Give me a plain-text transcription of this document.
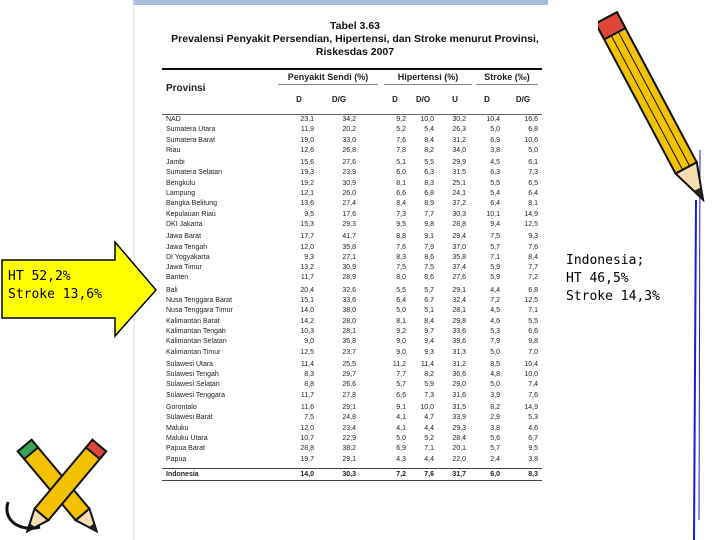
Tabel 3.63
Prevalensi Penyakit Persendian, Hipertensi, dan Stroke menurut Provinsi,
Riskesdas 2007
Provinsi
Penyakit Sendi (%)	Hipertensi (%)	Stroke (‰)
D	D/G	D	D/O	U	D	D/G
NAD	23,1	34,2	9,2	10,0	30,2	10,4	16,6
Sumatera Utara	11,9	20,2	5,2	5,4	26,3	5,0	6,8
Sumatera Barat	19,0	33,0	7,6	8,4	31,2	6,9	10,6
Riau	12,6	26,8	7,8	8,2	34,0	3,8	5,0
Jambi	15,6	27,6	5,1	5,5	29,9	4,5	6,1
Sumatera Selatan	19,3	23,9	6,0	6,3	31,5	6,3	7,3
Bengkulu	19,2	30,9	8,1	8,3	25,1	5,5	6,5
Lampung	12,1	26,0	6,6	6,8	24,1	5,4	6,4
Bangka Belitung	13,6	27,4	8,4	8,9	37,2	6,4	8,1
Kepulauan Riau	9,5	17,6	7,3	7,7	30,3	10,1	14,9
DKI Jakarta	15,3	29,3	9,5	9,8	28,8	9,4	12,5
Jawa Barat	17,7	41,7	8,8	9,1	29,4	7,5	9,3
Jawa Tengah	12,0	35,8	7,6	7,9	37,0	5,7	7,6
DI Yogyakarta	9,3	27,1	8,3	8,6	35,8	7,1	8,4
Jawa Timur	13,2	30,9	7,5	7,5	37,4	5,9	7,7
Banten	11,7	28,9	8,0	8,6	27,6	5,9	7,2
Bali	20,4	32,6	5,5	5,7	29,1	4,4	6,8
Nusa Tenggara Barat	15,1	33,6	6,4	6,7	32,4	7,2	12,5
Nusa Tenggara Timur	14,0	38,0	5,0	5,1	28,1	4,5	7,1
Kalimantan Barat	14,2	28,0	8,1	8,4	29,8	4,6	5,5
Kalimantan Tengah	10,3	28,1	9,2	9,7	33,6	5,3	6,6
Kalimantan Selatan	9,0	35,8	9,0	9,4	39,6	7,9	9,8
Kalimantan Timur	12,5	23,7	9,0	9,3	31,3	5,0	7,0
Sulawesi Utara	11,4	25,5	11,2	11,4	31,2	8,5	10,4
Sulawesi Tengah	8,3	29,7	7,7	8,2	36,6	4,8	10,0
Sulawesi Selatan	8,8	26,6	5,7	5,9	29,0	5,0	7,4
Sulawesi Tenggara	11,7	27,8	6,6	7,3	31,6	3,9	7,6
Gorontalo	11,6	29,1	9,1	10,0	31,5	8,2	14,9
Sulawesi Barat	7,5	24,8	4,1	4,7	33,9	2,9	5,3
Maluku	12,0	23,4	4,1	4,4	29,3	3,8	4,6
Maluku Utara	10,7	22,9	5,0	5,2	28,4	5,6	6,7
Papua Barat	28,8	38,2	6,9	7,1	20,1	5,7	9,5
Papua	19,7	29,1	4,3	4,4	22,0	2,4	3,8
Indonesia	14,0	30,3	7,2	7,6	31,7	6,0	8,3
HT 52,2%
Stroke 13,6%
Indonesia;
HT 46,5%
Stroke 14,3%
